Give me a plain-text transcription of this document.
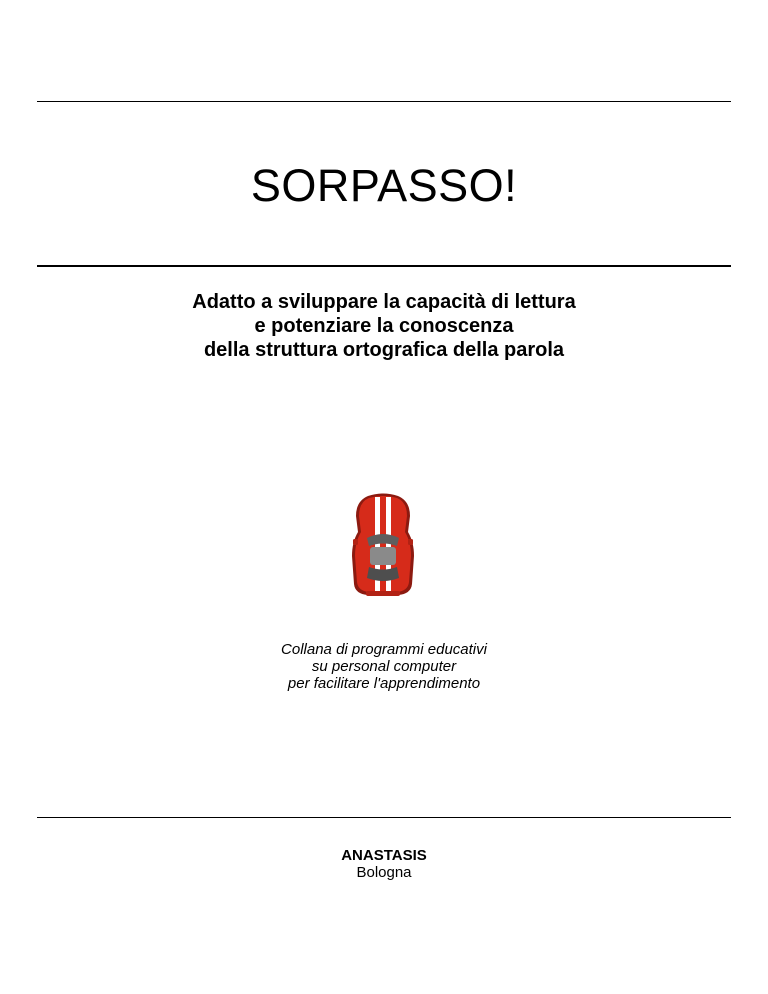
SORPASSO!
Adatto a sviluppare la capacità di lettura
e potenziare la conoscenza
della struttura ortografica della parola
Collana di programmi educativi
su personal computer
per facilitare l'apprendimento
ANASTASIS
Bologna
